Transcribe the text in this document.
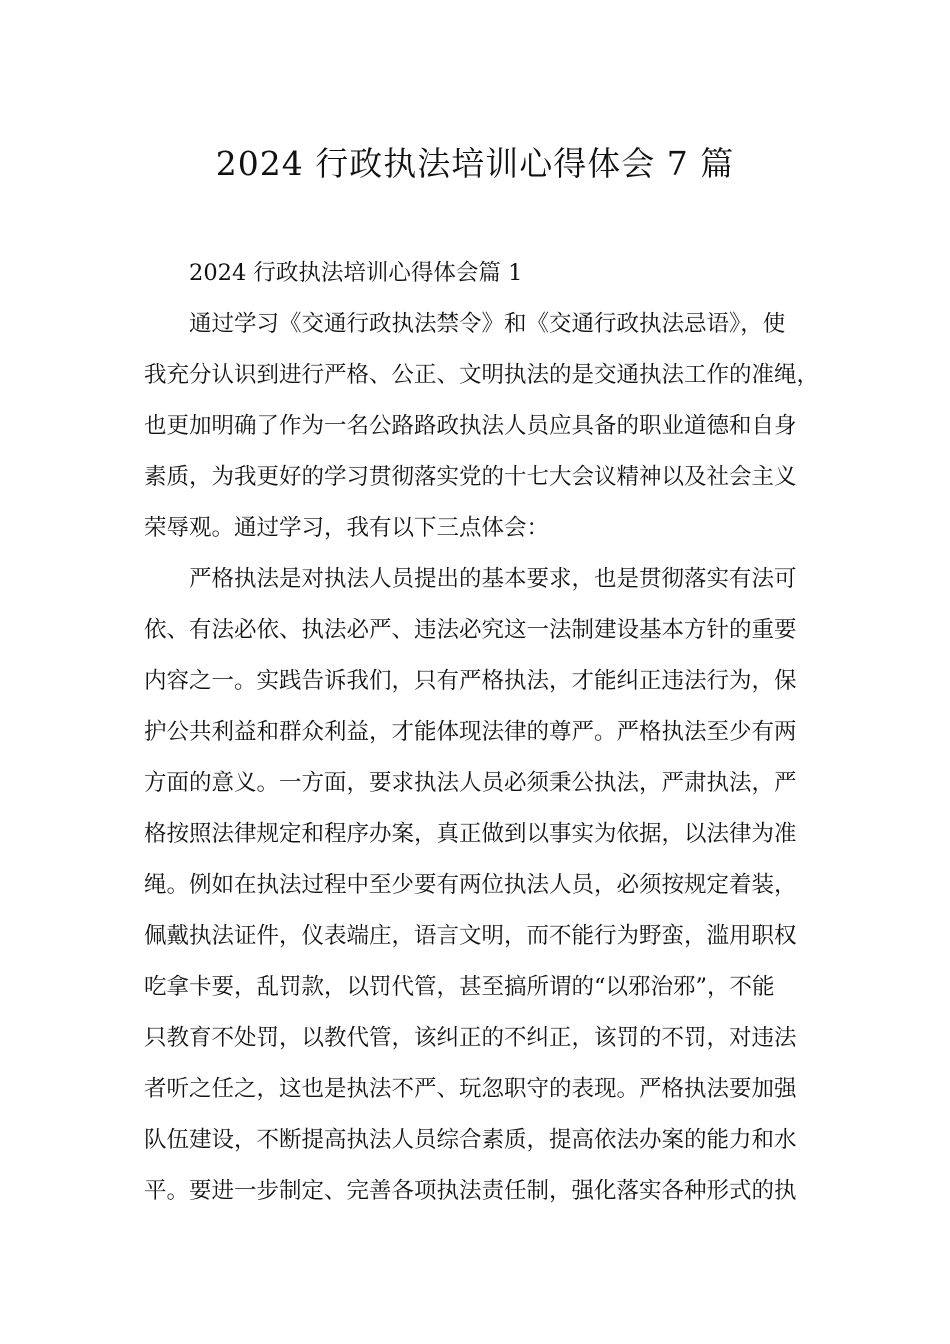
2024 行政执法培训心得体会 7 篇
2024 行政执法培训心得体会篇 1
通过学习《交通行政执法禁令》和《交通行政执法忌语》，使
我充分认识到进行严格、公正、文明执法的是交通执法工作的准绳，
也更加明确了作为一名公路路政执法人员应具备的职业道德和自身
素质，为我更好的学习贯彻落实党的十七大会议精神以及社会主义
荣辱观。通过学习，我有以下三点体会：
严格执法是对执法人员提出的基本要求，也是贯彻落实有法可
依、有法必依、执法必严、违法必究这一法制建设基本方针的重要
内容之一。实践告诉我们，只有严格执法，才能纠正违法行为，保
护公共利益和群众利益，才能体现法律的尊严。严格执法至少有两
方面的意义。一方面，要求执法人员必须秉公执法，严肃执法，严
格按照法律规定和程序办案，真正做到以事实为依据，以法律为准
绳。例如在执法过程中至少要有两位执法人员，必须按规定着装，
佩戴执法证件，仪表端庄，语言文明，而不能行为野蛮，滥用职权
吃拿卡要，乱罚款，以罚代管，甚至搞所谓的“以邪治邪”，不能
只教育不处罚，以教代管，该纠正的不纠正，该罚的不罚，对违法
者听之任之，这也是执法不严、玩忽职守的表现。严格执法要加强
队伍建设，不断提高执法人员综合素质，提高依法办案的能力和水
平。要进一步制定、完善各项执法责任制，强化落实各种形式的执
